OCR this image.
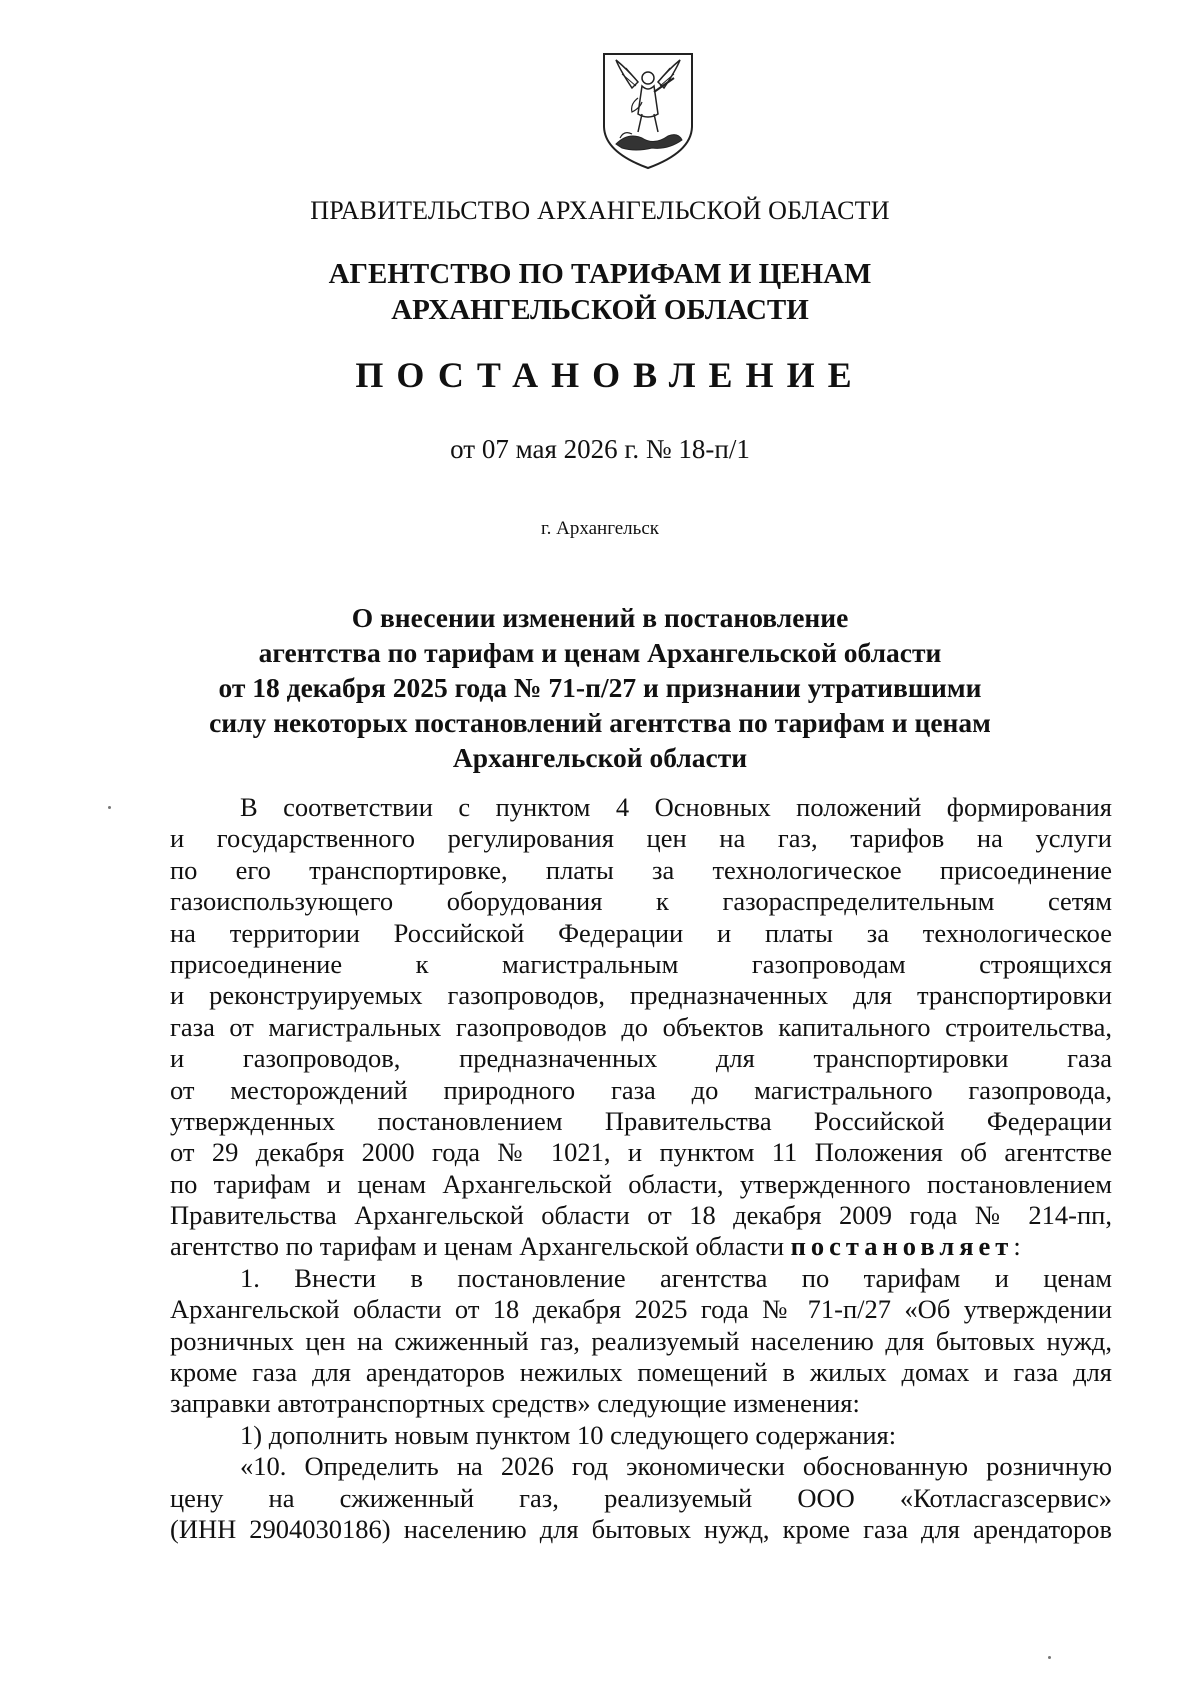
ПРАВИТЕЛЬСТВО АРХАНГЕЛЬСКОЙ ОБЛАСТИ
АГЕНТСТВО ПО ТАРИФАМ И ЦЕНАМ
АРХАНГЕЛЬСКОЙ ОБЛАСТИ
ПОСТАНОВЛЕНИЕ
от 07 мая 2026 г. № 18-п/1
г. Архангельск
О внесении изменений в постановление
агентства по тарифам и ценам Архангельской области
от 18 декабря 2025 года № 71-п/27 и признании утратившими
силу некоторых постановлений агентства по тарифам и ценам
Архангельской области

В соответствии с пунктом 4 Основных положений формирования
и государственного регулирования цен на газ, тарифов на услуги
по его транспортировке, платы за технологическое присоединение
газоиспользующего оборудования к газораспределительным сетям
на территории Российской Федерации и платы за технологическое
присоединение к магистральным газопроводам строящихся
и реконструируемых газопроводов, предназначенных для транспортировки
газа от магистральных газопроводов до объектов капитального строительства,
и газопроводов, предназначенных для транспортировки газа
от месторождений природного газа до магистрального газопровода,
утвержденных постановлением Правительства Российской Федерации
от 29 декабря 2000 года № 1021, и пунктом 11 Положения об агентстве
по тарифам и ценам Архангельской области, утвержденного постановлением
Правительства Архангельской области от 18 декабря 2009 года № 214-пп,
агентство по тарифам и ценам Архангельской области постановляет:

1. Внести в постановление агентства по тарифам и ценам
Архангельской области от 18 декабря 2025 года № 71-п/27 «Об утверждении
розничных цен на сжиженный газ, реализуемый населению для бытовых нужд,
кроме газа для арендаторов нежилых помещений в жилых домах и газа для
заправки автотранспортных средств» следующие изменения:

1) дополнить новым пунктом 10 следующего содержания:

«10. Определить на 2026 год экономически обоснованную розничную
цену на сжиженный газ, реализуемый ООО «Котласгазсервис»
(ИНН 2904030186) населению для бытовых нужд, кроме газа для арендаторов
